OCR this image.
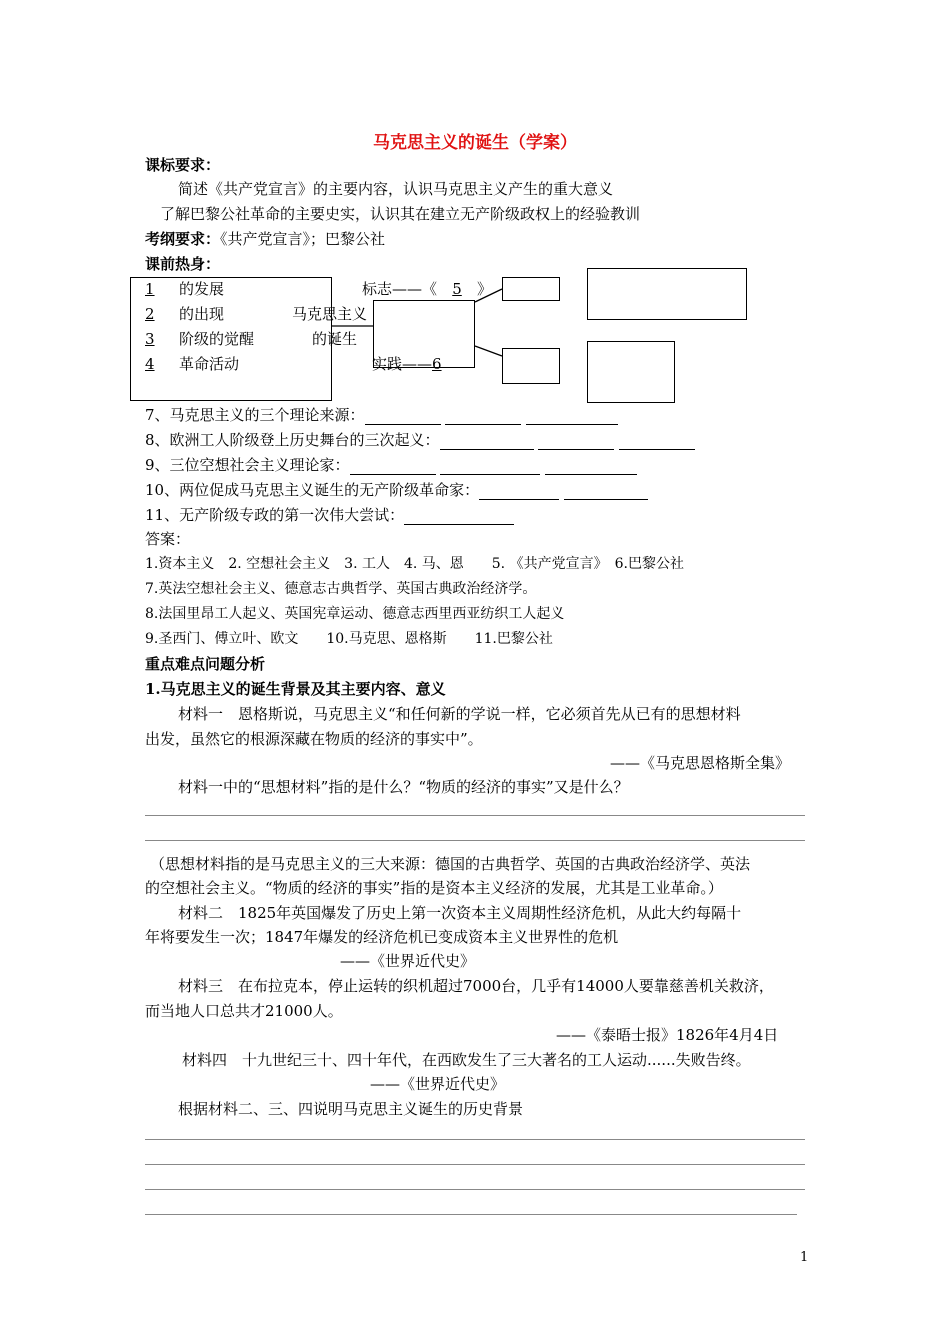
马克思主义的诞生（学案）
课标要求：
简述《共产党宣言》的主要内容，认识马克思主义产生的重大意义
了解巴黎公社革命的主要史实，认识其在建立无产阶级政权上的经验教训
考纲要求：《共产党宣言》；巴黎公社
课前热身：
1 的发展
2 的出现
3 阶级的觉醒
4 革命活动
马克思主义
的诞生
标志——《 5 》
实践——6
7、马克思主义的三个理论来源：
8、欧洲工人阶级登上历史舞台的三次起义：
9、三位空想社会主义理论家：
10、两位促成马克思主义诞生的无产阶级革命家：
11、无产阶级专政的第一次伟大尝试：
答案：
1.资本主义　2. 空想社会主义　3. 工人　4. 马、恩　　5. 《共产党宣言》　6.巴黎公社
7.英法空想社会主义、德意志古典哲学、英国古典政治经济学。
8.法国里昂工人起义、英国宪章运动、德意志西里西亚纺织工人起义
9.圣西门、傅立叶、欧文　　10.马克思、恩格斯　　11.巴黎公社
重点难点问题分析
1.马克思主义的诞生背景及其主要内容、意义
材料一　恩格斯说，马克思主义“和任何新的学说一样，它必须首先从已有的思想材料
出发，虽然它的根源深藏在物质的经济的事实中”。
——《马克思恩格斯全集》
材料一中的“思想材料”指的是什么？“物质的经济的事实”又是什么？
（思想材料指的是马克思主义的三大来源：德国的古典哲学、英国的古典政治经济学、英法
的空想社会主义。“物质的经济的事实”指的是资本主义经济的发展，尤其是工业革命。）
材料二　1825年英国爆发了历史上第一次资本主义周期性经济危机，从此大约每隔十
年将要发生一次；1847年爆发的经济危机已变成资本主义世界性的危机
——《世界近代史》
材料三　在布拉克本，停止运转的织机超过7000台，几乎有14000人要靠慈善机关救济，
而当地人口总共才21000人。
——《泰晤士报》1826年4月4日
材料四　十九世纪三十、四十年代，在西欧发生了三大著名的工人运动......失败告终。
——《世界近代史》
根据材料二、三、四说明马克思主义诞生的历史背景
1
